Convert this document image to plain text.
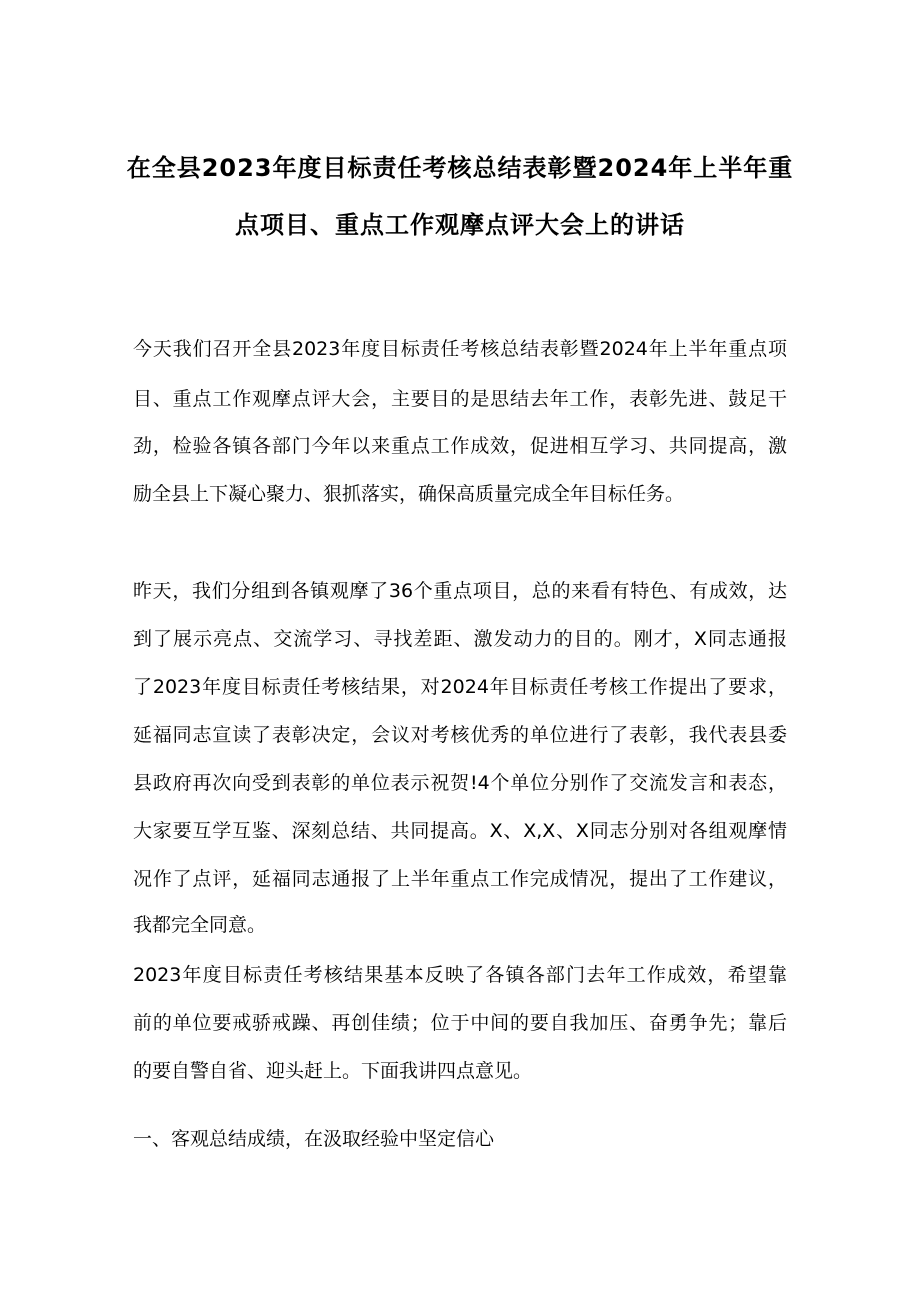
在全县2023年度目标责任考核总结表彰暨2024年上半年重
点项目、重点工作观摩点评大会上的讲话
今天我们召开全县2023年度目标责任考核总结表彰暨2024年上半年重点项
目、重点工作观摩点评大会，主要目的是思结去年工作，表彰先进、鼓足干
劲，检验各镇各部门今年以来重点工作成效，促进相互学习、共同提高，激
励全县上下凝心聚力、狠抓落实，确保高质量完成全年目标任务。
昨天，我们分组到各镇观摩了36个重点项目，总的来看有特色、有成效，达
到了展示亮点、交流学习、寻找差距、激发动力的目的。刚才，X同志通报
了2023年度目标责任考核结果，对2024年目标责任考核工作提出了要求，
延福同志宣读了表彰决定，会议对考核优秀的单位进行了表彰，我代表县委
县政府再次向受到表彰的单位表示祝贺!4个单位分别作了交流发言和表态，
大家要互学互鉴、深刻总结、共同提高。X、X,X、X同志分别对各组观摩情
况作了点评，延福同志通报了上半年重点工作完成情况，提出了工作建议，
我都完全同意。
2023年度目标责任考核结果基本反映了各镇各部门去年工作成效，希望靠
前的单位要戒骄戒躁、再创佳绩；位于中间的要自我加压、奋勇争先；靠后
的要自警自省、迎头赶上。下面我讲四点意见。
一、客观总结成绩，在汲取经验中坚定信心
